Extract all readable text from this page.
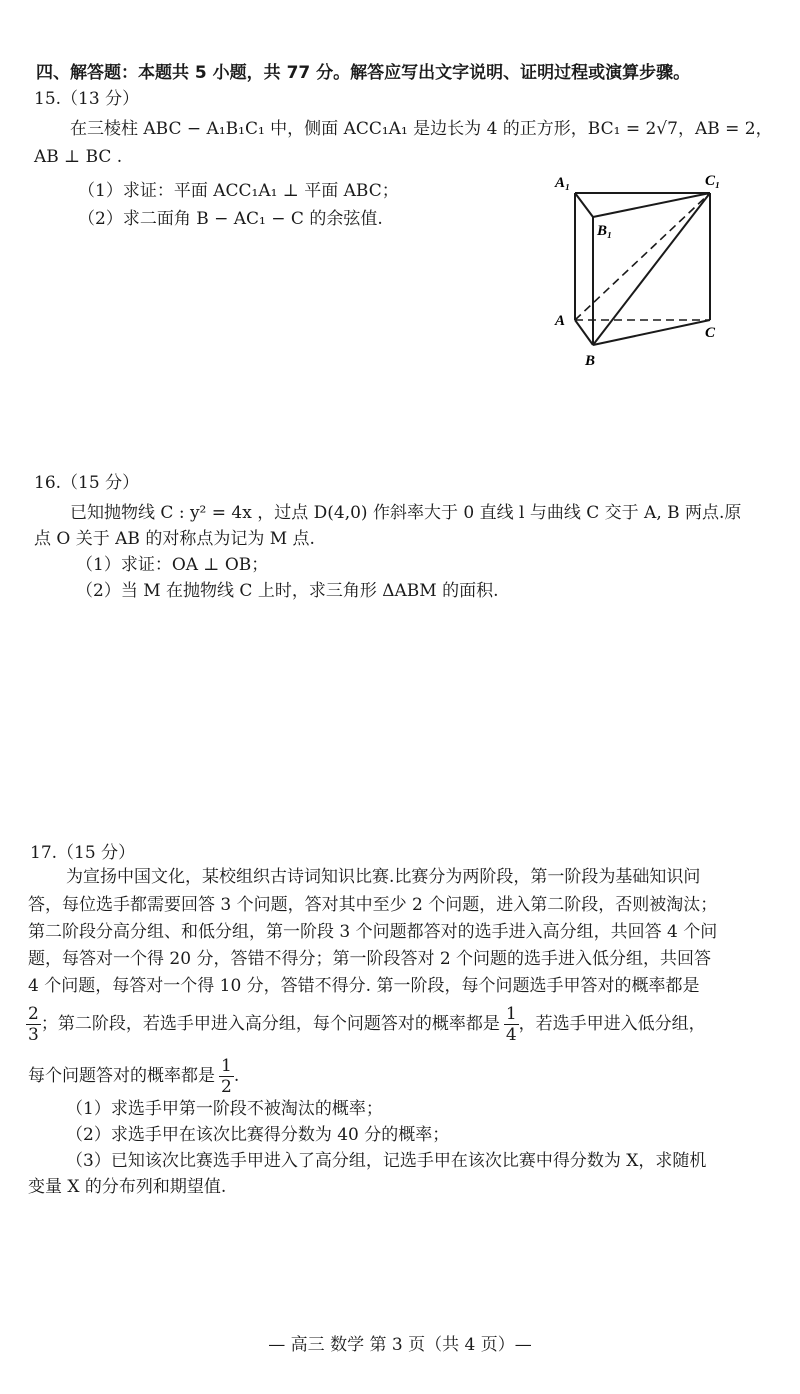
四、解答题：本题共 5 小题，共 77 分。解答应写出文字说明、证明过程或演算步骤。
15.（13 分）
在三棱柱 ABC − A₁B₁C₁ 中，侧面 ACC₁A₁ 是边长为 4 的正方形，BC₁ = 2√7，AB = 2，
AB ⊥ BC .
（1）求证：平面 ACC₁A₁ ⊥ 平面 ABC；
（2）求二面角 B − AC₁ − C 的余弦值.
A₁	C₁
B₁
A
B
C
16.（15 分）
已知抛物线 C : y² = 4x ，过点 D(4,0) 作斜率大于 0 直线 l 与曲线 C 交于 A, B 两点.原
点 O 关于 AB 的对称点为记为 M 点.
（1）求证：OA ⊥ OB；
（2）当 M 在抛物线 C 上时，求三角形 ΔABM 的面积.
17.（15 分）
为宣扬中国文化，某校组织古诗词知识比赛.比赛分为两阶段，第一阶段为基础知识问
答，每位选手都需要回答 3 个问题，答对其中至少 2 个问题，进入第二阶段，否则被淘汰；
第二阶段分高分组、和低分组，第一阶段 3 个问题都答对的选手进入高分组，共回答 4 个问
题，每答对一个得 20 分，答错不得分；第一阶段答对 2 个问题的选手进入低分组，共回答
4 个问题，每答对一个得 10 分，答错不得分. 第一阶段，每个问题选手甲答对的概率都是
$\frac{2}{3}$ ；第二阶段，若选手甲进入高分组，每个问题答对的概率都是 $\frac{1}{4}$ ，若选手甲进入低分组，
每个问题答对的概率都是 $\frac{1}{2}$ .
（1）求选手甲第一阶段不被淘汰的概率；
（2）求选手甲在该次比赛得分数为 40 分的概率；
（3）已知该次比赛选手甲进入了高分组，记选手甲在该次比赛中得分数为 X，求随机
变量 X 的分布列和期望值.
— 高三 数学 第 3 页（共 4 页）—
